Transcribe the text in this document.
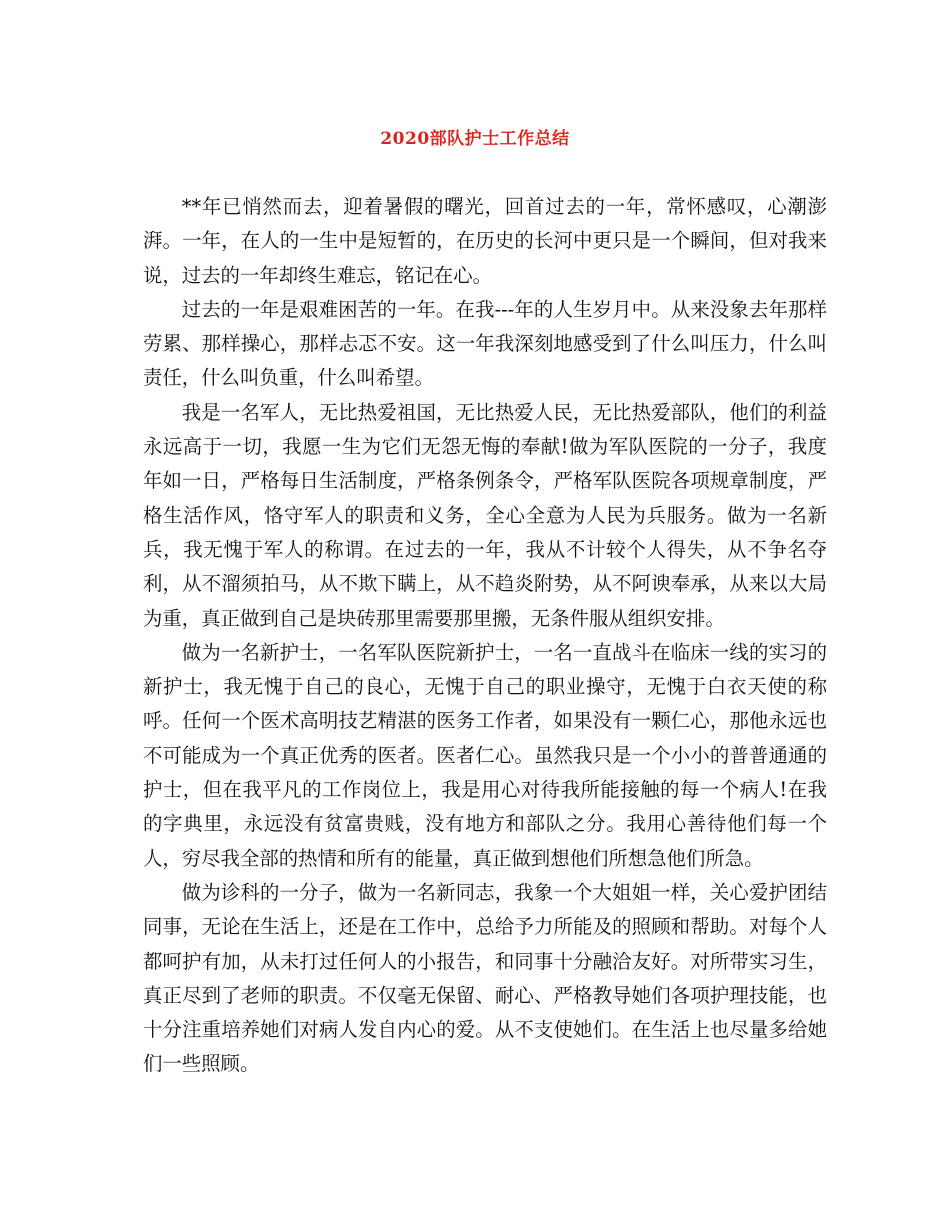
2020部队护士工作总结

**年已悄然而去，迎着暑假的曙光，回首过去的一年，常怀感叹，心潮澎湃。一年，在人的一生中是短暂的，在历史的长河中更只是一个瞬间，但对我来说，过去的一年却终生难忘，铭记在心。

过去的一年是艰难困苦的一年。在我---年的人生岁月中。从来没象去年那样劳累、那样操心，那样忐忑不安。这一年我深刻地感受到了什么叫压力，什么叫责任，什么叫负重，什么叫希望。

我是一名军人，无比热爱祖国，无比热爱人民，无比热爱部队，他们的利益永远高于一切，我愿一生为它们无怨无悔的奉献!做为军队医院的一分子，我度年如一日，严格每日生活制度，严格条例条令，严格军队医院各项规章制度，严格生活作风，恪守军人的职责和义务，全心全意为人民为兵服务。做为一名新兵，我无愧于军人的称谓。在过去的一年，我从不计较个人得失，从不争名夺利，从不溜须拍马，从不欺下瞒上，从不趋炎附势，从不阿谀奉承，从来以大局为重，真正做到自己是块砖那里需要那里搬，无条件服从组织安排。

做为一名新护士，一名军队医院新护士，一名一直战斗在临床一线的实习的新护士，我无愧于自己的良心，无愧于自己的职业操守，无愧于白衣天使的称呼。任何一个医术高明技艺精湛的医务工作者，如果没有一颗仁心，那他永远也不可能成为一个真正优秀的医者。医者仁心。虽然我只是一个小小的普普通通的护士，但在我平凡的工作岗位上，我是用心对待我所能接触的每一个病人!在我的字典里，永远没有贫富贵贱，没有地方和部队之分。我用心善待他们每一个人，穷尽我全部的热情和所有的能量，真正做到想他们所想急他们所急。

做为诊科的一分子，做为一名新同志，我象一个大姐姐一样，关心爱护团结同事，无论在生活上，还是在工作中，总给予力所能及的照顾和帮助。对每个人都呵护有加，从未打过任何人的小报告，和同事十分融洽友好。对所带实习生，真正尽到了老师的职责。不仅毫无保留、耐心、严格教导她们各项护理技能，也十分注重培养她们对病人发自内心的爱。从不支使她们。在生活上也尽量多给她们一些照顾。
